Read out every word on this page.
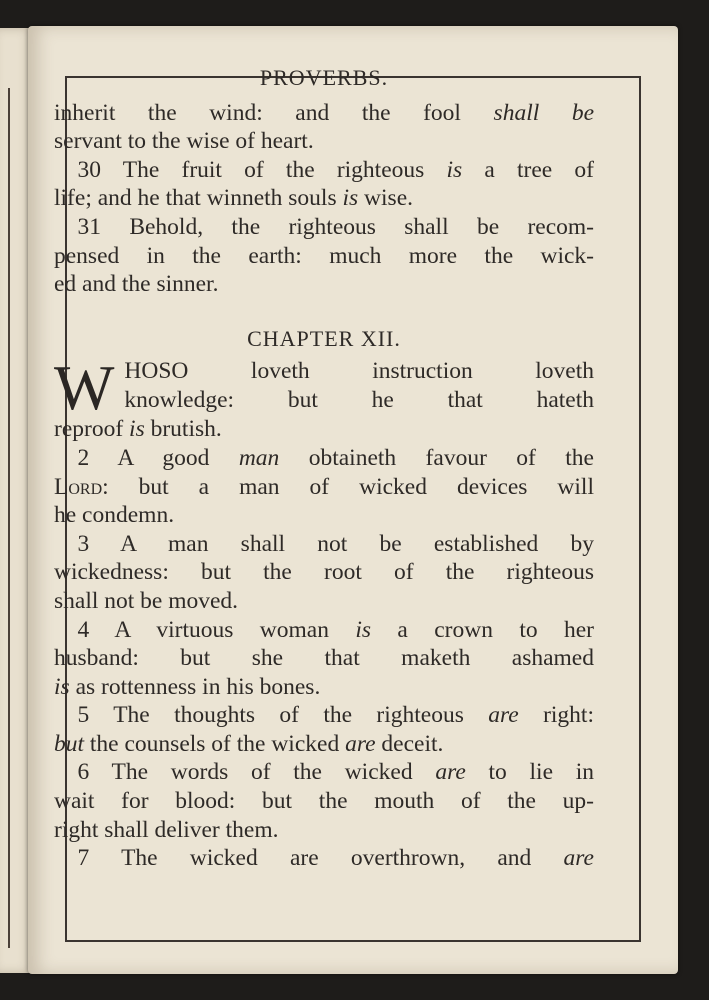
PROVERBS.
inherit the wind: and the fool shall be
servant to the wise of heart.
 30 The fruit of the righteous is a tree of
life; and he that winneth souls is wise.
 31 Behold, the righteous shall be recom-
pensed in the earth: much more the wick-
ed and the sinner.
CHAPTER XII.
W HOSO loveth instruction loveth
knowledge: but he that hateth
reproof is brutish.
 2 A good man obtaineth favour of the
Lord: but a man of wicked devices will
he condemn.
 3 A man shall not be established by
wickedness: but the root of the righteous
shall not be moved.
 4 A virtuous woman is a crown to her
husband: but she that maketh ashamed
is as rottenness in his bones.
 5 The thoughts of the righteous are right:
but the counsels of the wicked are deceit.
 6 The words of the wicked are to lie in
wait for blood: but the mouth of the up-
right shall deliver them.
 7 The wicked are overthrown, and are
